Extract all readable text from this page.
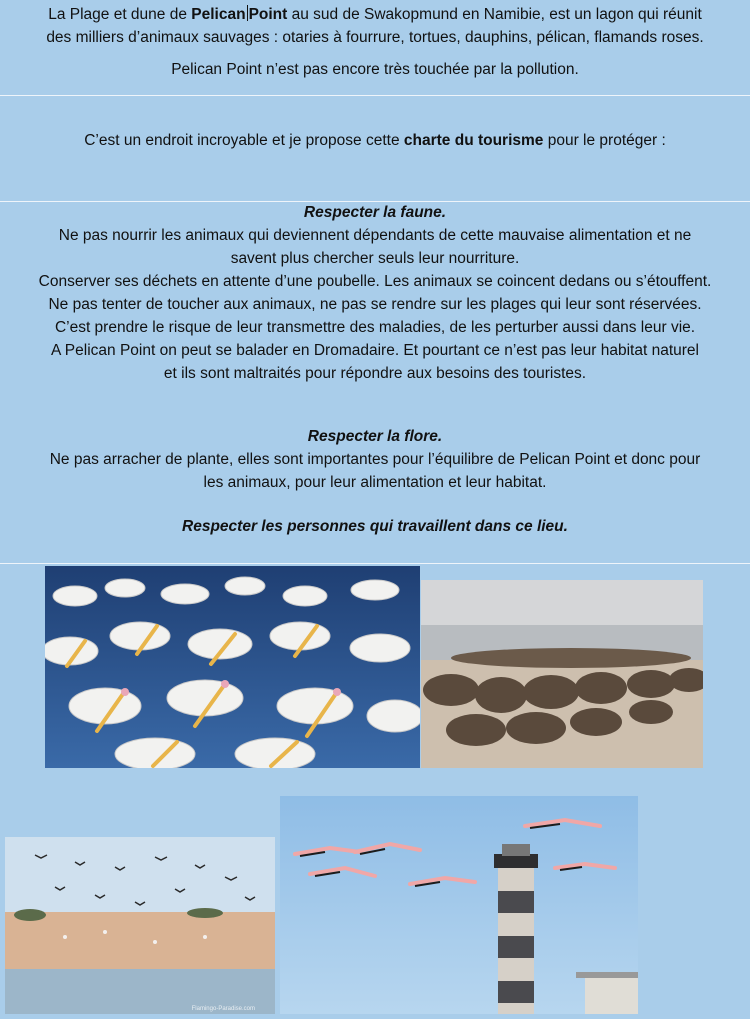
La Plage et dune de Pelican Point au sud de Swakopmund en Namibie, est un lagon qui réunit

des milliers d’animaux sauvages : otaries à fourrure, tortues, dauphins, pélican, flamands roses.

Pelican Point n’est pas encore très touchée par la pollution.

C’est un endroit incroyable et je propose cette charte du tourisme pour le protéger :

Respecter la faune.

Ne pas nourrir les animaux qui deviennent dépendants de cette mauvaise alimentation et ne

savent plus chercher seuls leur nourriture.

Conserver ses déchets en attente d’une poubelle. Les animaux se coincent dedans ou s’étouffent.

Ne pas tenter de toucher aux animaux, ne pas se rendre sur les plages qui leur sont réservées.

C’est prendre le risque de leur transmettre des maladies, de les perturber aussi dans leur vie.

A Pelican Point on peut se balader en Dromadaire. Et pourtant ce n’est pas leur habitat naturel

et ils sont maltraités pour répondre aux besoins des touristes.

Respecter la flore.

Ne pas arracher de plante, elles sont importantes pour l’équilibre de Pelican Point et donc pour

les animaux, pour leur alimentation et leur habitat.

Respecter les personnes qui travaillent dans ce lieu.

Flamingo-Paradise.com
